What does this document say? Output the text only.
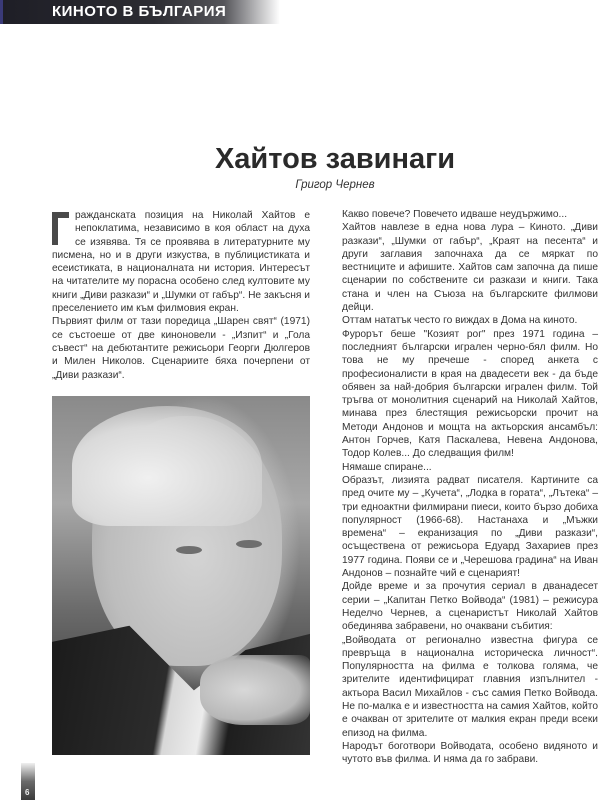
КИНОТО В БЪЛГАРИЯ
Хайтов завинаги
Григор Чернев

ражданската позиция на Николай Хайтов е непоклатима, независимо в коя област на духа се изявява. Тя се проявява в литературните му писмена, но и в други изкуства, в публицистиката и есеистиката, в националната ни история. Интересът на читателите му порасна особено след култовите му книги „Диви разкази“ и „Шумки от габър“. Не закъсня и преселението им към филмовия екран.

Първият филм от тази поредица „Шарен свят“ (1971) се състоеше от две киноновели - „Изпит“ и „Гола съвест“ на дебютантите режисьори Георги Дюлгеров и Милен Николов. Сценариите бяха почерпени от „Диви разкази“.

Какво повече? Повечето идваше неудържимо...

Хайтов навлезе в една нова лура – Киното. „Диви разкази“, „Шумки от габър“, „Краят на песента“ и други заглавия започнаха да се мяркат по вестниците и афишите. Хайтов сам започна да пише сценарии по собствените си разкази и книги. Така стана и член на Съюза на българските филмови дейци.

Оттам нататък често го виждах в Дома на киното.

Фурорът беше "Козият рог" през 1971 година – последният български игрален черно-бял филм. Но това не му пречеше - според анкета с професионалисти в края на двадесети век - да бъде обявен за най-добрия български игрален филм. Той тръгва от монолитния сценарий на Николай Хайтов, минава през блестящия режисьорски прочит на Методи Андонов и мощта на актьорския ансамбъл: Антон Горчев, Катя Паскалева, Невена Андонова, Тодор Колев... До следващия филм!

Нямаше спиране...

Образът, лизията радват писателя. Картините са пред очите му – „Кучета“, „Лодка в гората“, „Лътека“ – три едноактни филмирани пиеси, които бързо добиха популярност (1966-68). Настанаха и „Мъжки времена“ – екранизация по „Диви разкази“, осъществена от режисьора Едуард Захариев през 1977 година. Появи се и „Черешова градина“ на Иван Андонов – познайте чий е сценарият!

Дойде време и за прочутия сериал в дванадесет серии – „Капитан Петко Войвода“ (1981) – режисура Неделчо Чернев, а сценаристът Николай Хайтов обединява забравени, но очаквани събития:

„Войводата от регионално известна фигура се превръща в национална историческа личност“. Популярността на филма е толкова голяма, че зрителите идентифицират главния изпълнител - актьора Васил Михайлов - със самия Петко Войвода. Не по-малка е и известността на самия Хайтов, който е очакван от зрителите от малкия екран преди всеки епизод на филма.

Народът боготвори Войводата, особено видяното и чутото във филма. И няма да го забрави.

6
